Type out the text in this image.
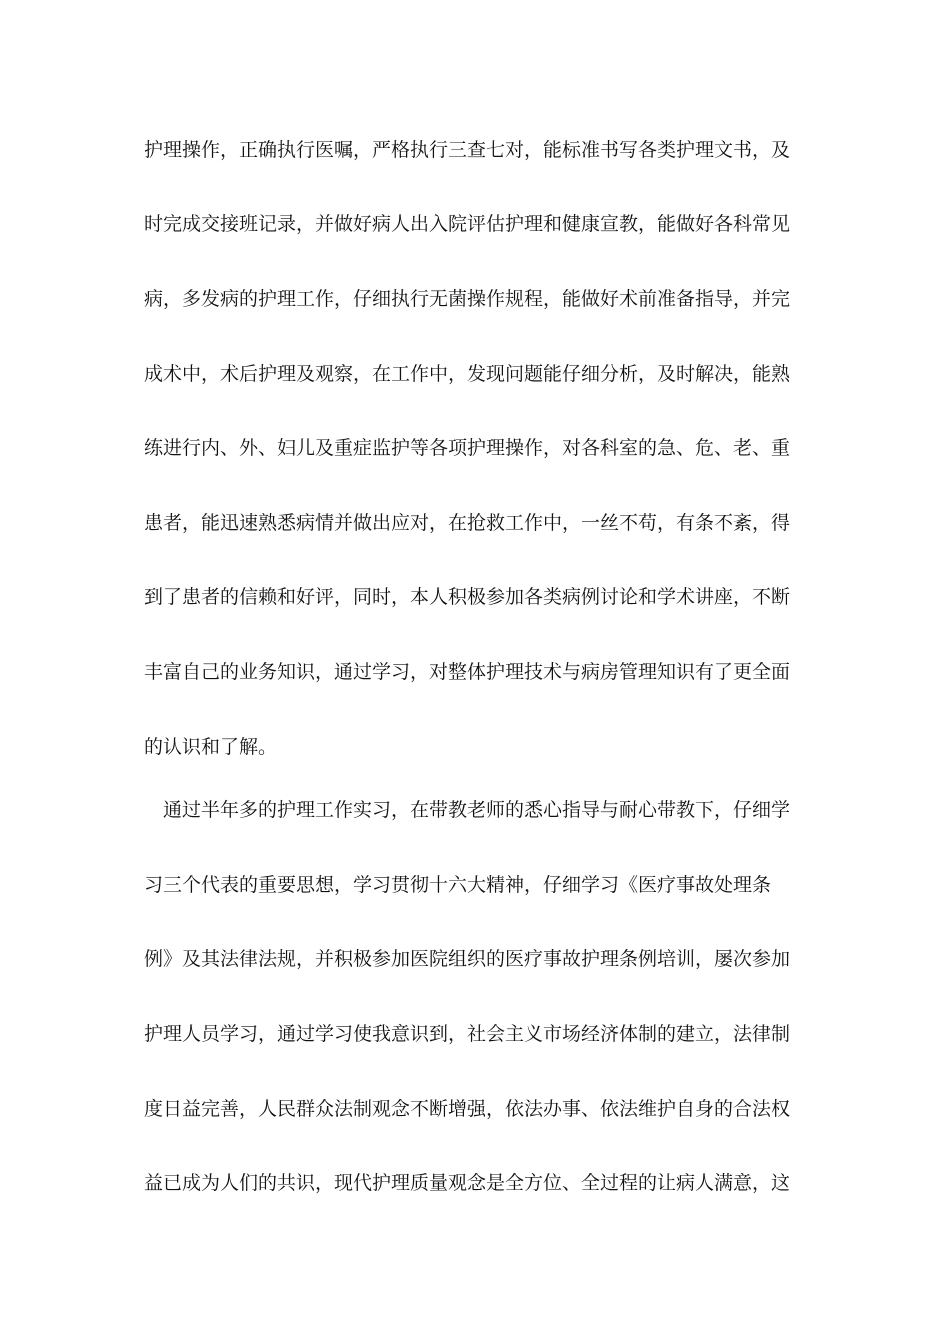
护理操作，正确执行医嘱，严格执行三查七对，能标准书写各类护理文书，及
时完成交接班记录，并做好病人出入院评估护理和健康宣教，能做好各科常见
病，多发病的护理工作，仔细执行无菌操作规程，能做好术前准备指导，并完
成术中，术后护理及观察，在工作中，发现问题能仔细分析，及时解决，能熟
练进行内、外、妇儿及重症监护等各项护理操作，对各科室的急、危、老、重
患者，能迅速熟悉病情并做出应对，在抢救工作中，一丝不苟，有条不紊，得
到了患者的信赖和好评，同时，本人积极参加各类病例讨论和学术讲座，不断
丰富自己的业务知识，通过学习，对整体护理技术与病房管理知识有了更全面
的认识和了解。
通过半年多的护理工作实习，在带教老师的悉心指导与耐心带教下，仔细学
习三个代表的重要思想，学习贯彻十六大精神，仔细学习《医疗事故处理条
例》及其法律法规，并积极参加医院组织的医疗事故护理条例培训，屡次参加
护理人员学习，通过学习使我意识到，社会主义市场经济体制的建立，法律制
度日益完善，人民群众法制观念不断增强，依法办事、依法维护自身的合法权
益已成为人们的共识，现代护理质量观念是全方位、全过程的让病人满意，这
